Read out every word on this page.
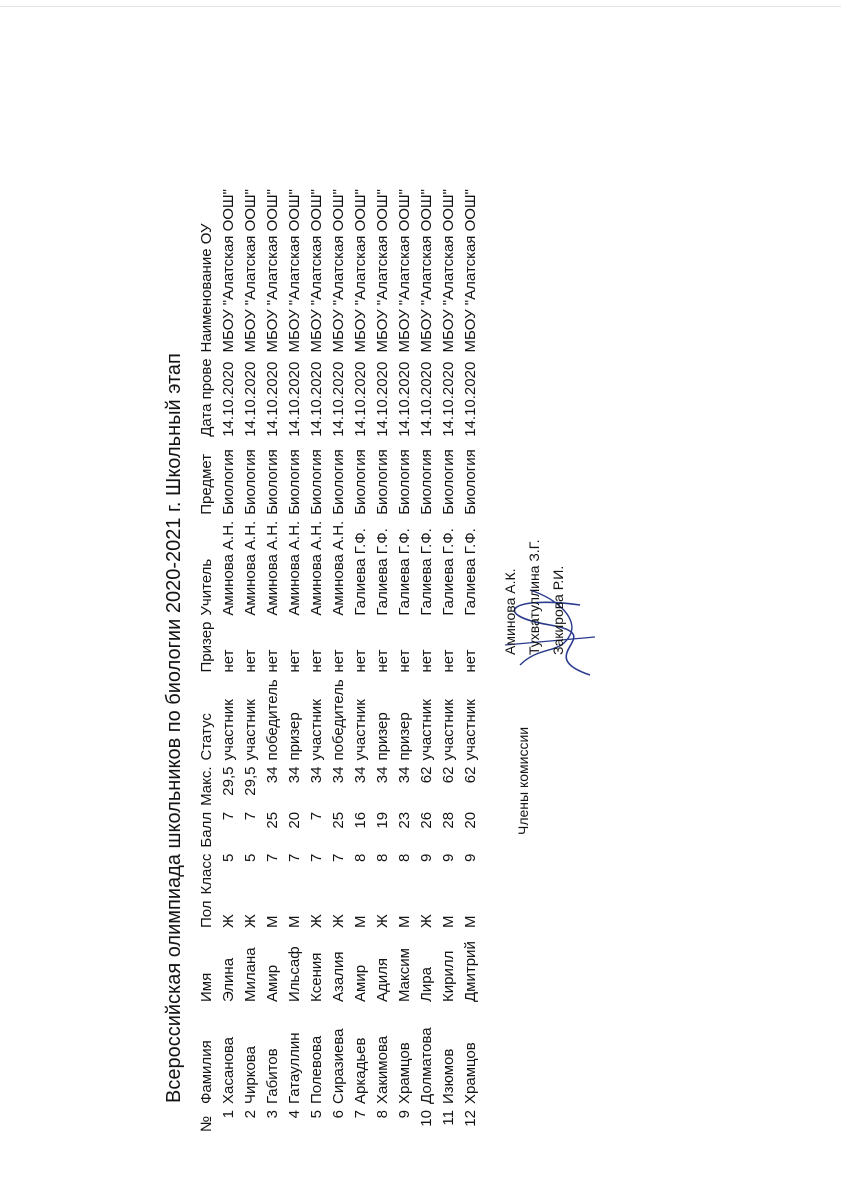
Всероссийская олимпиада школьников по биологии 2020-2021 г. Школьный этап
№	Фамилия	Имя	Пол	Класс	Балл	Макс.	Статус	Призер	Учитель	Предмет	Дата прове	Наименование ОУ
1	Хасанова	Элина	Ж	5	7	29,5	участник	нет	Аминова А.Н.	Биология	14.10.2020	МБОУ "Алатская ООШ"
2	Чиркова	Милана	Ж	5	7	29,5	участник	нет	Аминова А.Н.	Биология	14.10.2020	МБОУ "Алатская ООШ"
3	Габитов	Амир	М	7	25	34	победитель	нет	Аминова А.Н.	Биология	14.10.2020	МБОУ "Алатская ООШ"
4	Гатауллин	Ильсаф	М	7	20	34	призер	нет	Аминова А.Н.	Биология	14.10.2020	МБОУ "Алатская ООШ"
5	Полевова	Ксения	Ж	7	7	34	участник	нет	Аминова А.Н.	Биология	14.10.2020	МБОУ "Алатская ООШ"
6	Сиразиева	Азалия	Ж	7	25	34	победитель	нет	Аминова А.Н.	Биология	14.10.2020	МБОУ "Алатская ООШ"
7	Аркадьев	Амир	М	8	16	34	участник	нет	Галиева Г.Ф.	Биология	14.10.2020	МБОУ "Алатская ООШ"
8	Хакимова	Адиля	Ж	8	19	34	призер	нет	Галиева Г.Ф.	Биология	14.10.2020	МБОУ "Алатская ООШ"
9	Храмцов	Максим	М	8	23	34	призер	нет	Галиева Г.Ф.	Биология	14.10.2020	МБОУ "Алатская ООШ"
10	Долматова	Лира	Ж	9	26	62	участник	нет	Галиева Г.Ф.	Биология	14.10.2020	МБОУ "Алатская ООШ"
11	Изюмов	Кирилл	М	9	28	62	участник	нет	Галиева Г.Ф.	Биология	14.10.2020	МБОУ "Алатская ООШ"
12	Храмцов	Дмитрий	М	9	20	62	участник	нет	Галиева Г.Ф.	Биология	14.10.2020	МБОУ "Алатская ООШ"
Члены комиссии
Аминова А.К. Тухватуллина З.Г. Закирова Р.И.
